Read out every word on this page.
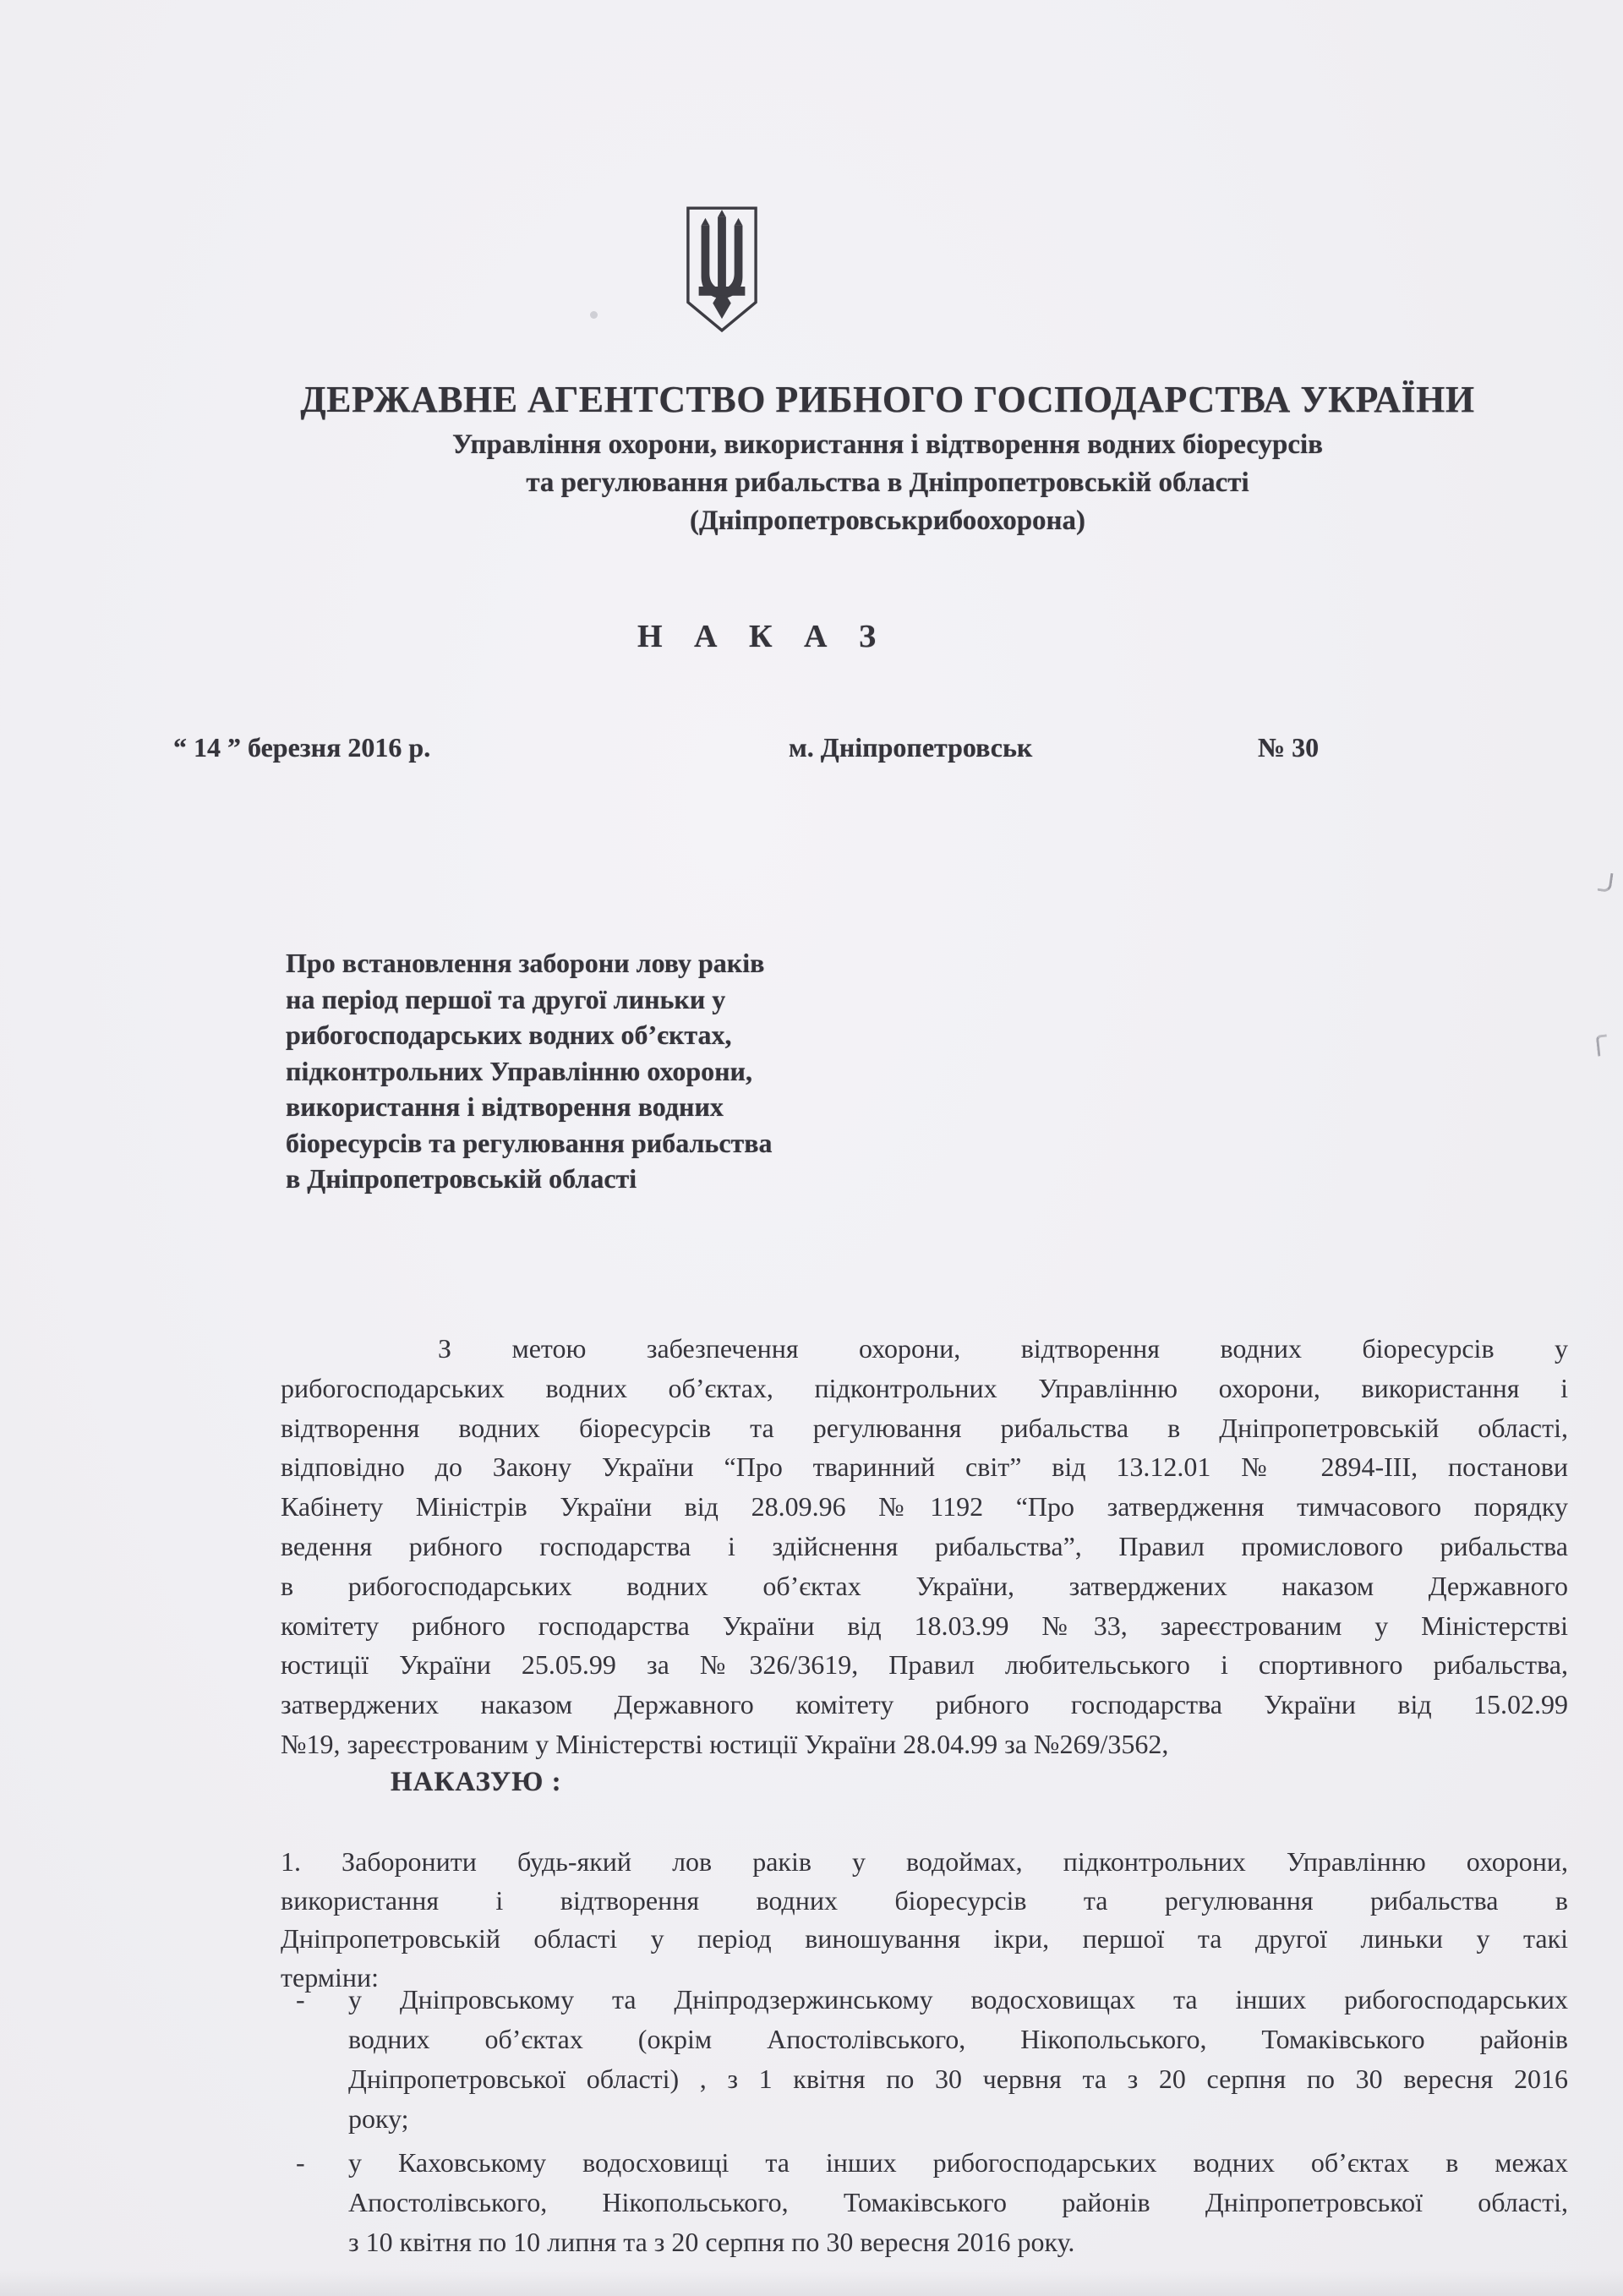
ДЕРЖАВНЕ АГЕНТСТВО РИБНОГО ГОСПОДАРСТВА УКРАЇНИ
Управління охорони, використання і відтворення водних біоресурсів
та регулювання рибальства в Дніпропетровській області
(Дніпропетровськрибоохорона)
Н А К А З
“ 14 ” березня 2016 р.	м. Дніпропетровськ	№ 30
Про встановлення заборони лову раків
на період першої та другої линьки у
рибогосподарських водних об’єктах,
підконтрольних Управлінню охорони,
використання і відтворення водних
біоресурсів та регулювання рибальства
в Дніпропетровській області
З метою забезпечення охорони, відтворення водних біоресурсів у
рибогосподарських водних об’єктах, підконтрольних Управлінню охорони, використання і
відтворення водних біоресурсів та регулювання рибальства в Дніпропетровській області,
відповідно до Закону України “Про тваринний світ” від 13.12.01 № 2894-ІІІ, постанови
Кабінету Міністрів України від 28.09.96 №1192 “Про затвердження тимчасового порядку
ведення рибного господарства і здійснення рибальства”, Правил промислового рибальства
в рибогосподарських водних об’єктах України, затверджених наказом Державного
комітету рибного господарства України від 18.03.99 №33, зареєстрованим у Міністерстві
юстиції України 25.05.99 за №326/3619, Правил любительського і спортивного рибальства,
затверджених наказом Державного комітету рибного господарства України від 15.02.99
№19, зареєстрованим у Міністерстві юстиції України 28.04.99 за №269/3562,
НАКАЗУЮ :
1. Заборонити будь-який лов раків у водоймах, підконтрольних Управлінню охорони,
використання і відтворення водних біоресурсів та регулювання рибальства в
Дніпропетровській області у період виношування ікри, першої та другої линьки у такі
терміни:
-	у Дніпровському та Дніпродзержинському водосховищах та інших рибогосподарських
водних об’єктах (окрім Апостолівського, Нікопольського, Томаківського районів
Дніпропетровської області) , з 1 квітня по 30 червня та з 20 серпня по 30 вересня 2016
року;
-	у Каховському водосховищі та інших рибогосподарських водних об’єктах в межах
Апостолівського, Нікопольського, Томаківського районів Дніпропетровської області,
з 10 квітня по 10 липня та з 20 серпня по 30 вересня 2016 року.
